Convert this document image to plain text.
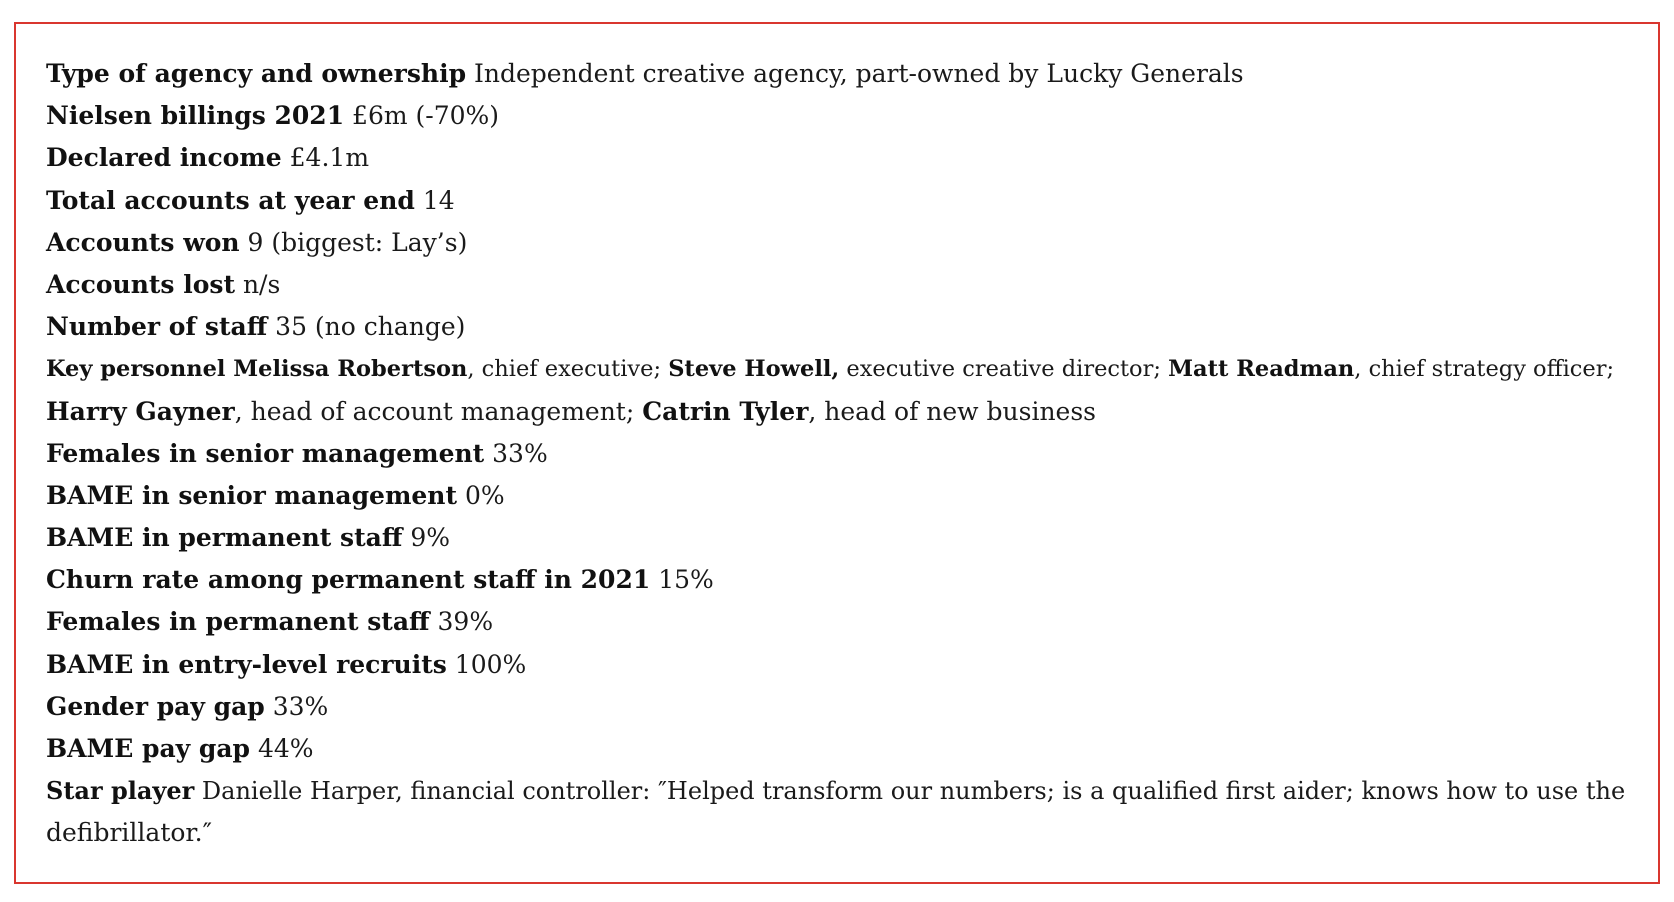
Type of agency and ownership Independent creative agency, part-owned by Lucky Generals
Nielsen billings 2021 £6m (-70%)
Declared income £4.1m
Total accounts at year end 14
Accounts won 9 (biggest: Lay’s)
Accounts lost n/s
Number of staff 35 (no change)
Key personnel Melissa Robertson, chief executive; Steve Howell, executive creative director; Matt Readman, chief strategy officer;
Harry Gayner, head of account management; Catrin Tyler, head of new business
Females in senior management 33%
BAME in senior management 0%
BAME in permanent staff 9%
Churn rate among permanent staff in 2021 15%
Females in permanent staff 39%
BAME in entry-level recruits 100%
Gender pay gap 33%
BAME pay gap 44%
Star player Danielle Harper, financial controller: ″Helped transform our numbers; is a qualified first aider; knows how to use the
defibrillator.″
